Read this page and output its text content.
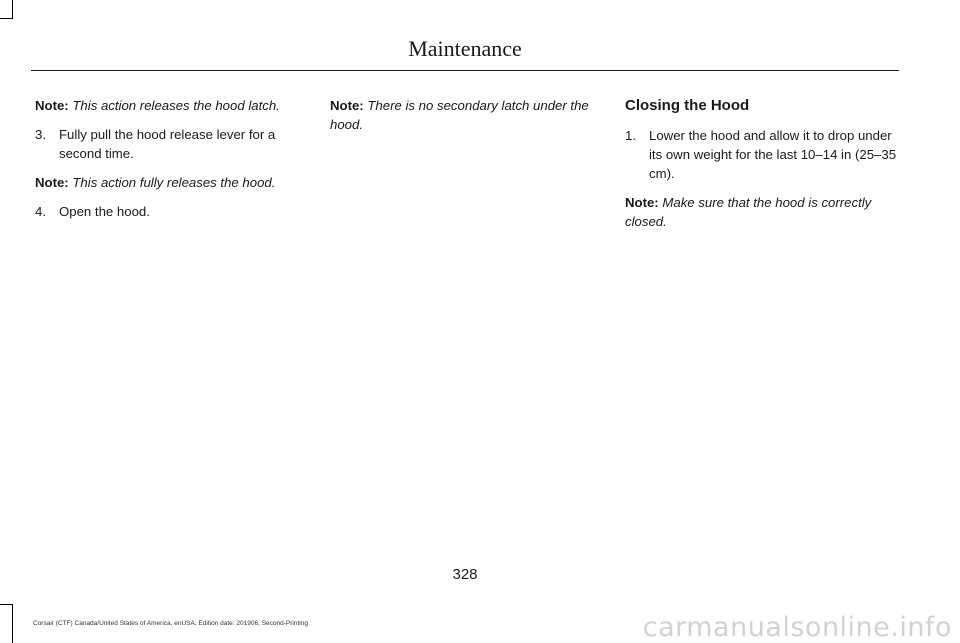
Maintenance

Note: This action releases the hood latch.

3. Fully pull the hood release lever for a second time.

Note: This action fully releases the hood.

4. Open the hood.

Note: There is no secondary latch under the hood.

Closing the Hood
1. Lower the hood and allow it to drop under its own weight for the last 10–14 in (25–35 cm).

Note: Make sure that the hood is correctly closed.

328
Corsair (CTF) Canada/United States of America, enUSA, Edition date: 201906, Second-Printing	carmanualsonline.info
